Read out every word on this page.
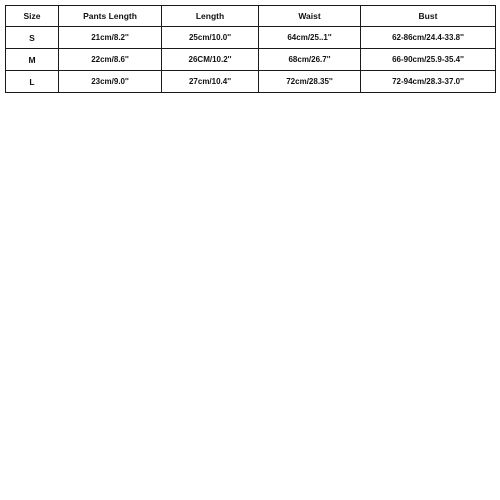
Size	Pants Length	Length	Waist	Bust
S	21cm/8.2''	25cm/10.0''	64cm/25..1''	62-86cm/24.4-33.8''
M	22cm/8.6''	26CM/10.2''	68cm/26.7''	66-90cm/25.9-35.4''
L	23cm/9.0''	27cm/10.4''	72cm/28.35''	72-94cm/28.3-37.0''
